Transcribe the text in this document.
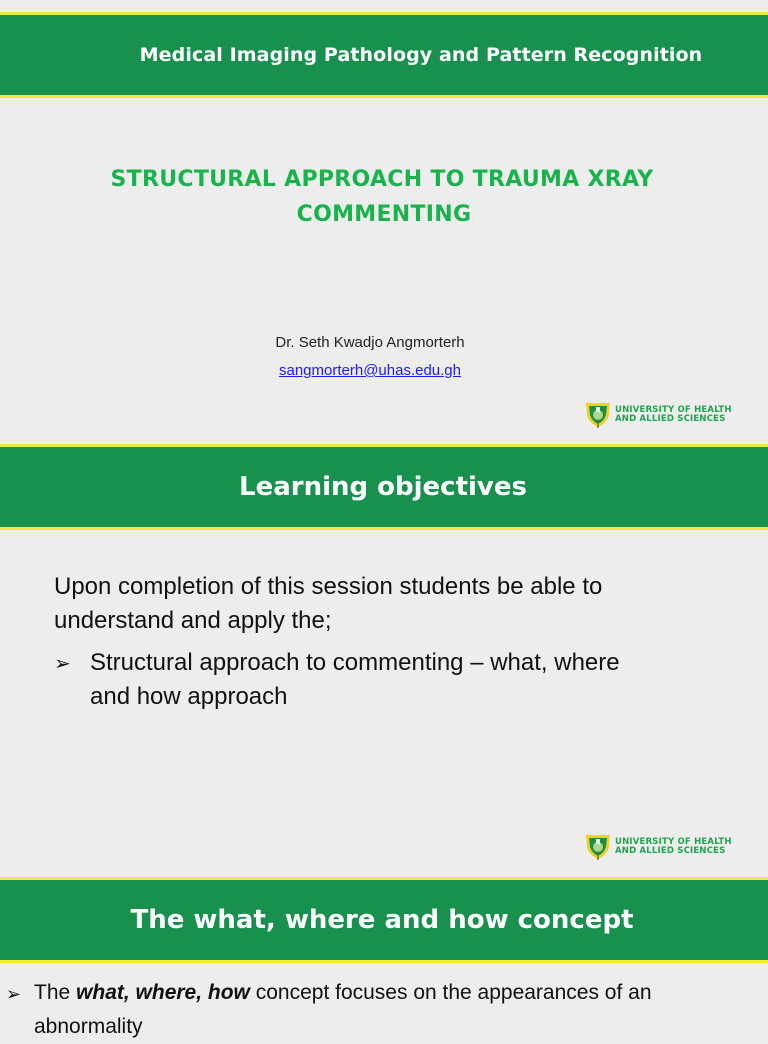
Medical Imaging Pathology and Pattern Recognition
STRUCTURAL APPROACH TO TRAUMA XRAY
COMMENTING
Dr. Seth Kwadjo Angmorterh
sangmorterh@uhas.edu.gh
UNIVERSITY OF HEALTH
AND ALLIED SCIENCES
Learning objectives
Upon completion of this session students be able to understand and apply the;
➢ Structural approach to commenting – what, where and how approach
UNIVERSITY OF HEALTH
AND ALLIED SCIENCES
The what, where and how concept
➢ The what, where, how concept focuses on the appearances of an abnormality
